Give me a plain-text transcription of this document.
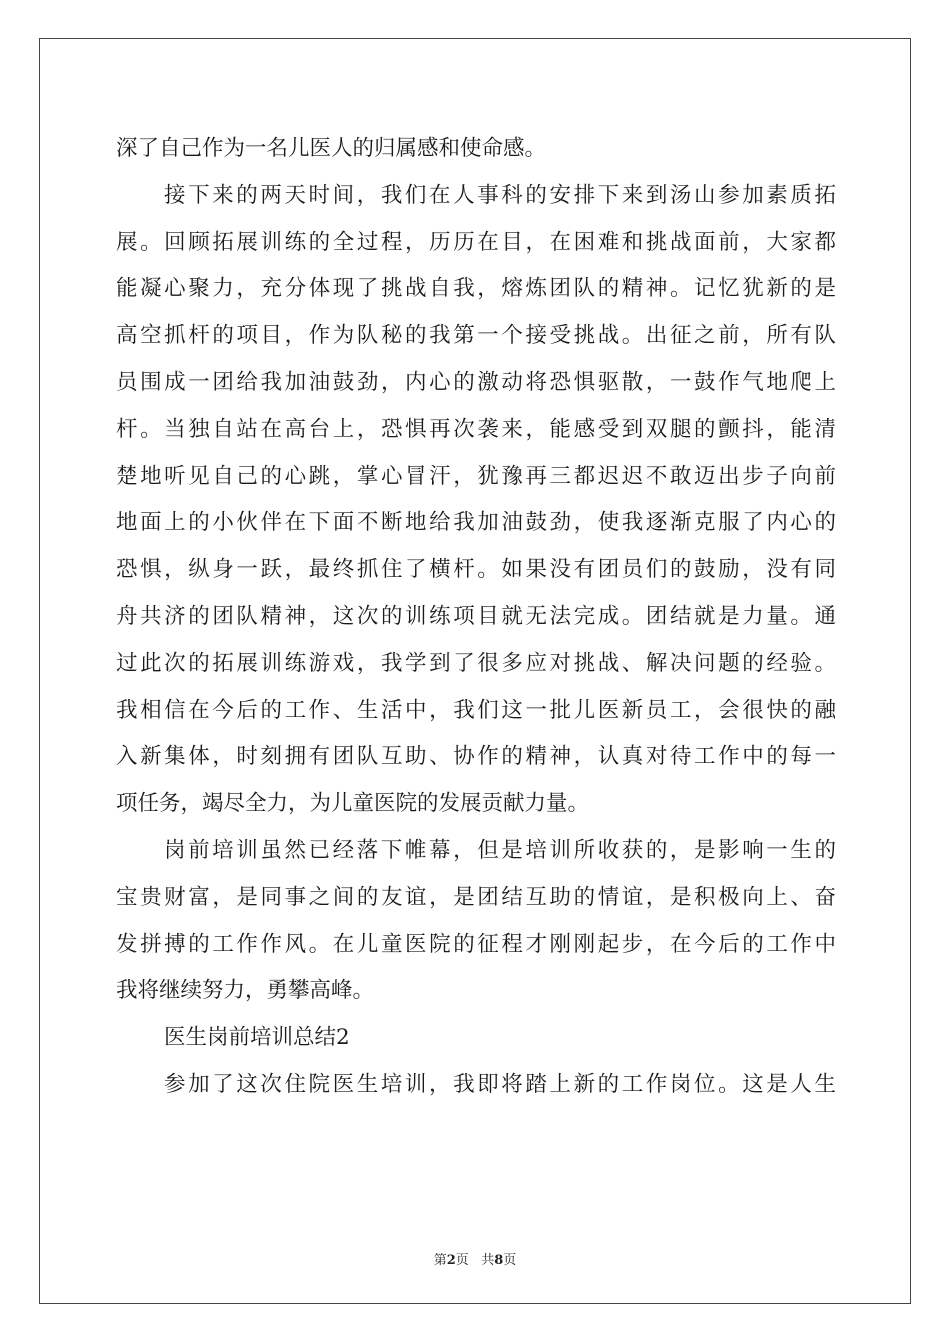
深了自己作为一名儿医人的归属感和使命感。
接下来的两天时间，我们在人事科的安排下来到汤山参加素质拓
展。回顾拓展训练的全过程，历历在目，在困难和挑战面前，大家都
能凝心聚力，充分体现了挑战自我，熔炼团队的精神。记忆犹新的是
高空抓杆的项目，作为队秘的我第一个接受挑战。出征之前，所有队
员围成一团给我加油鼓劲，内心的激动将恐惧驱散，一鼓作气地爬上
杆。当独自站在高台上，恐惧再次袭来，能感受到双腿的颤抖，能清
楚地听见自己的心跳，掌心冒汗，犹豫再三都迟迟不敢迈出步子向前
地面上的小伙伴在下面不断地给我加油鼓劲，使我逐渐克服了内心的
恐惧，纵身一跃，最终抓住了横杆。如果没有团员们的鼓励，没有同
舟共济的团队精神，这次的训练项目就无法完成。团结就是力量。通
过此次的拓展训练游戏，我学到了很多应对挑战、解决问题的经验。
我相信在今后的工作、生活中，我们这一批儿医新员工，会很快的融
入新集体，时刻拥有团队互助、协作的精神，认真对待工作中的每一
项任务，竭尽全力，为儿童医院的发展贡献力量。
岗前培训虽然已经落下帷幕，但是培训所收获的，是影响一生的
宝贵财富，是同事之间的友谊，是团结互助的情谊，是积极向上、奋
发拼搏的工作作风。在儿童医院的征程才刚刚起步，在今后的工作中
我将继续努力，勇攀高峰。
医生岗前培训总结2
参加了这次住院医生培训，我即将踏上新的工作岗位。这是人生
第2页 共8页
